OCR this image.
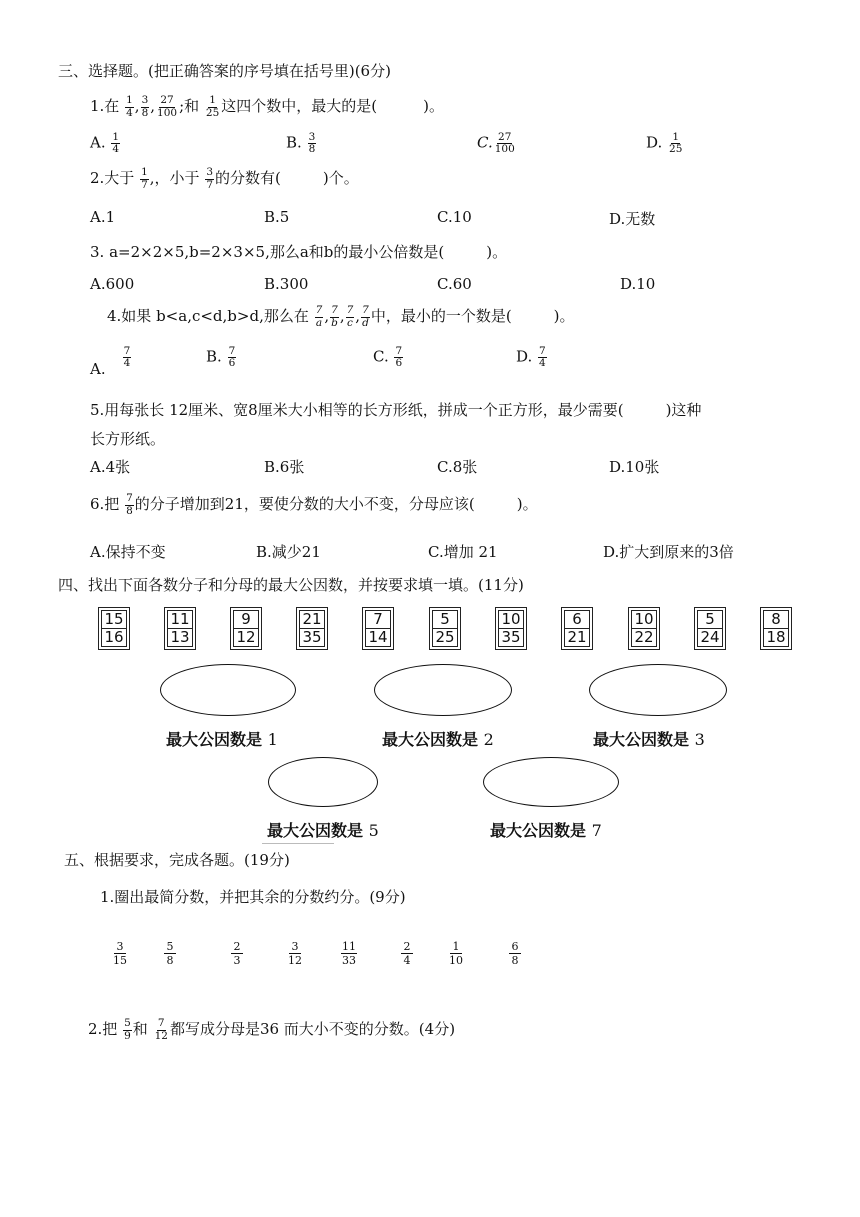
三、选择题。(把正确答案的序号填在括号里)(6分)
1.在 $\frac{1}{4}$ , $\frac{3}{8}$ , $\frac{27}{100}$ ;和 $\frac{1}{25}$ 这四个数中，最大的是(	)。
A. $\frac{1}{4}$	B. $\frac{3}{8}$	C. $\frac{27}{100}$	D. $\frac{1}{25}$
2.大于 $\frac{1}{7}$ ,，小于 $\frac{3}{7}$ 的分数有(	)个。
A.1	B.5	C.10	D.无数
3. a=2×2×5,b=2×3×5,那么a和b的最小公倍数是(	)。
A.600	B.300	C.60	D.10
4.如果 b<a,c<d,b>d,那么在 $\frac{7}{a}$ , $\frac{7}{b}$ , $\frac{7}{c}$ , $\frac{7}{d}$ 中，最小的一个数是(	)。
A. $\frac{7}{4}$	B. $\frac{7}{6}$	C. $\frac{7}{6}$	D. $\frac{7}{4}$
5.用每张长 12厘米、宽8厘米大小相等的长方形纸，拼成一个正方形，最少需要(	)这种
长方形纸。
A.4张	B.6张	C.8张	D.10张
6.把 $\frac{7}{8}$ 的分子增加到21，要使分数的大小不变，分母应该(	)。
A.保持不变	B.减少21	C.增加 21	D.扩大到原来的3倍
四、找出下面各数分子和分母的最大公因数，并按要求填一填。(11分)
15
16
11
13
9
12
21
35
7
14
5
25
10
35
6
21
10
22
5
24
8
18
最大公因数是 1	最大公因数是 2	最大公因数是 3
最大公因数是 5	最大公因数是 7
五、根据要求，完成各题。(19分)
1.圈出最简分数，并把其余的分数约分。(9分)
3
15
5
8
2
3
3
12
11
33
2
4
1
10
6
8
2.把 $\frac{5}{9}$ 和 $\frac{7}{12}$ 都写成分母是36 而大小不变的分数。(4分)
